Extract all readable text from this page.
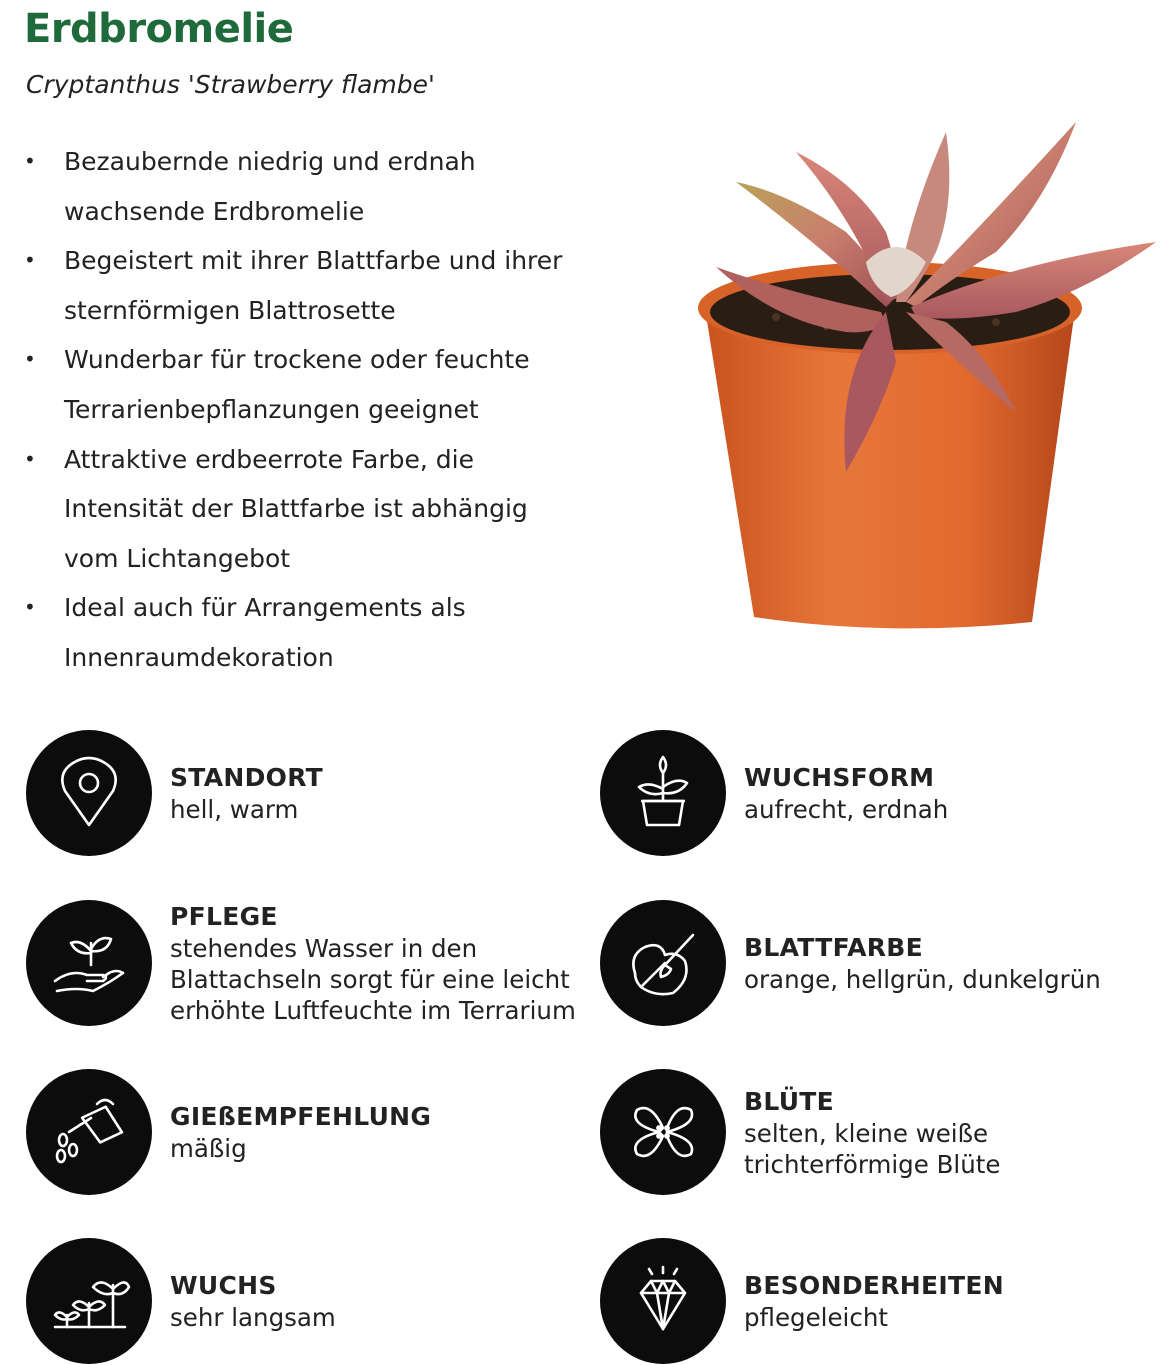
Erdbromelie

Cryptanthus 'Strawberry flambe'

• Bezaubernde niedrig und erdnah
wachsende Erdbromelie
• Begeistert mit ihrer Blattfarbe und ihrer
sternförmigen Blattrosette
• Wunderbar für trockene oder feuchte
Terrarienbepflanzungen geeignet
• Attraktive erdbeerrote Farbe, die
Intensität der Blattfarbe ist abhängig
vom Lichtangebot
• Ideal auch für Arrangements als
Innenraumdekoration
STANDORT
hell, warm
WUCHSFORM
aufrecht, erdnah
PFLEGE
stehendes Wasser in den
Blattachseln sorgt für eine leicht
erhöhte Luftfeuchte im Terrarium
BLATTFARBE
orange, hellgrün, dunkelgrün
GIEßEMPFEHLUNG
mäßig
BLÜTE
selten, kleine weiße
trichterförmige Blüte
WUCHS
sehr langsam
BESONDERHEITEN
pflegeleicht
